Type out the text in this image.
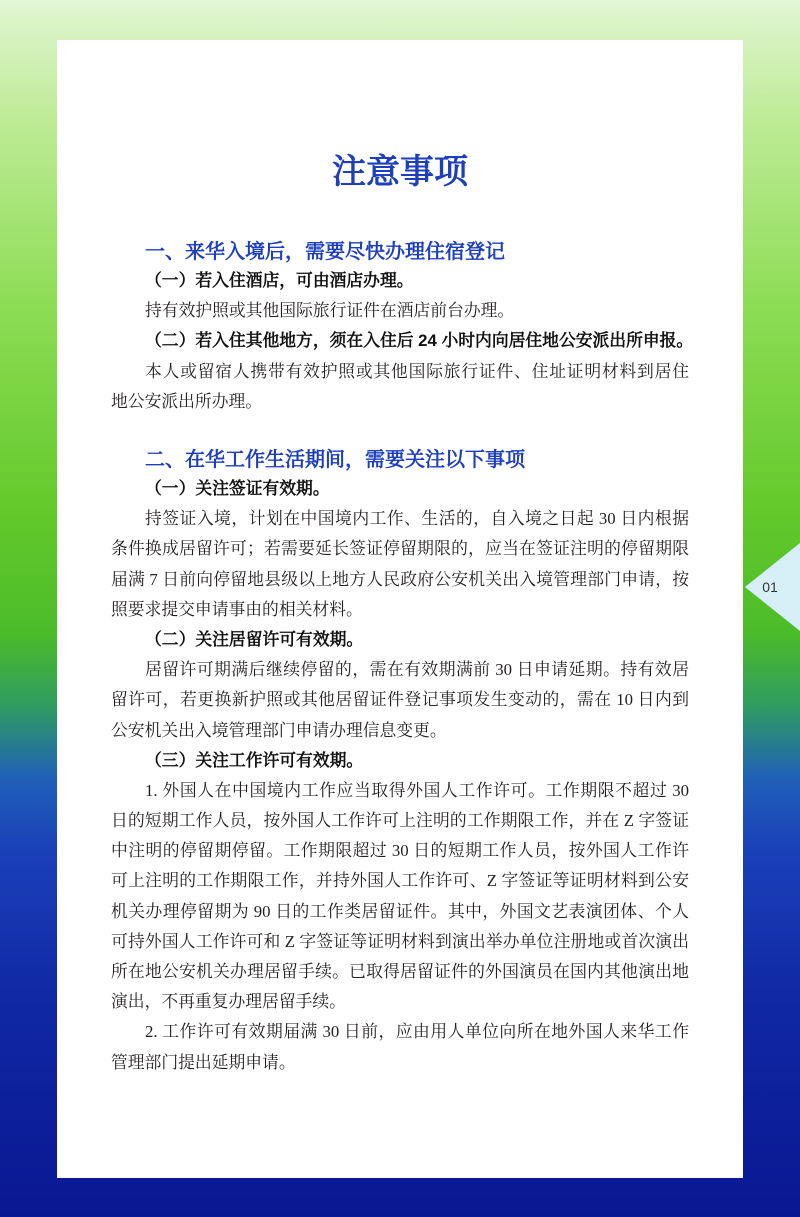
注意事项
一、来华入境后，需要尽快办理住宿登记
（一）若入住酒店，可由酒店办理。
持有效护照或其他国际旅行证件在酒店前台办理。
（二）若入住其他地方，须在入住后 24 小时内向居住地公安派出所申报。
本人或留宿人携带有效护照或其他国际旅行证件、住址证明材料到居住
地公安派出所办理。
二、在华工作生活期间，需要关注以下事项
（一）关注签证有效期。
持签证入境，计划在中国境内工作、生活的，自入境之日起 30 日内根据
条件换成居留许可；若需要延长签证停留期限的，应当在签证注明的停留期限
届满 7 日前向停留地县级以上地方人民政府公安机关出入境管理部门申请，按
照要求提交申请事由的相关材料。
（二）关注居留许可有效期。
居留许可期满后继续停留的，需在有效期满前 30 日申请延期。持有效居
留许可，若更换新护照或其他居留证件登记事项发生变动的，需在 10 日内到
公安机关出入境管理部门申请办理信息变更。
（三）关注工作许可有效期。
1. 外国人在中国境内工作应当取得外国人工作许可。工作期限不超过 30
日的短期工作人员，按外国人工作许可上注明的工作期限工作，并在 Z 字签证
中注明的停留期停留。工作期限超过 30 日的短期工作人员，按外国人工作许
可上注明的工作期限工作，并持外国人工作许可、Z 字签证等证明材料到公安
机关办理停留期为 90 日的工作类居留证件。其中，外国文艺表演团体、个人
可持外国人工作许可和 Z 字签证等证明材料到演出举办单位注册地或首次演出
所在地公安机关办理居留手续。已取得居留证件的外国演员在国内其他演出地
演出，不再重复办理居留手续。
2. 工作许可有效期届满 30 日前，应由用人单位向所在地外国人来华工作
管理部门提出延期申请。
01
